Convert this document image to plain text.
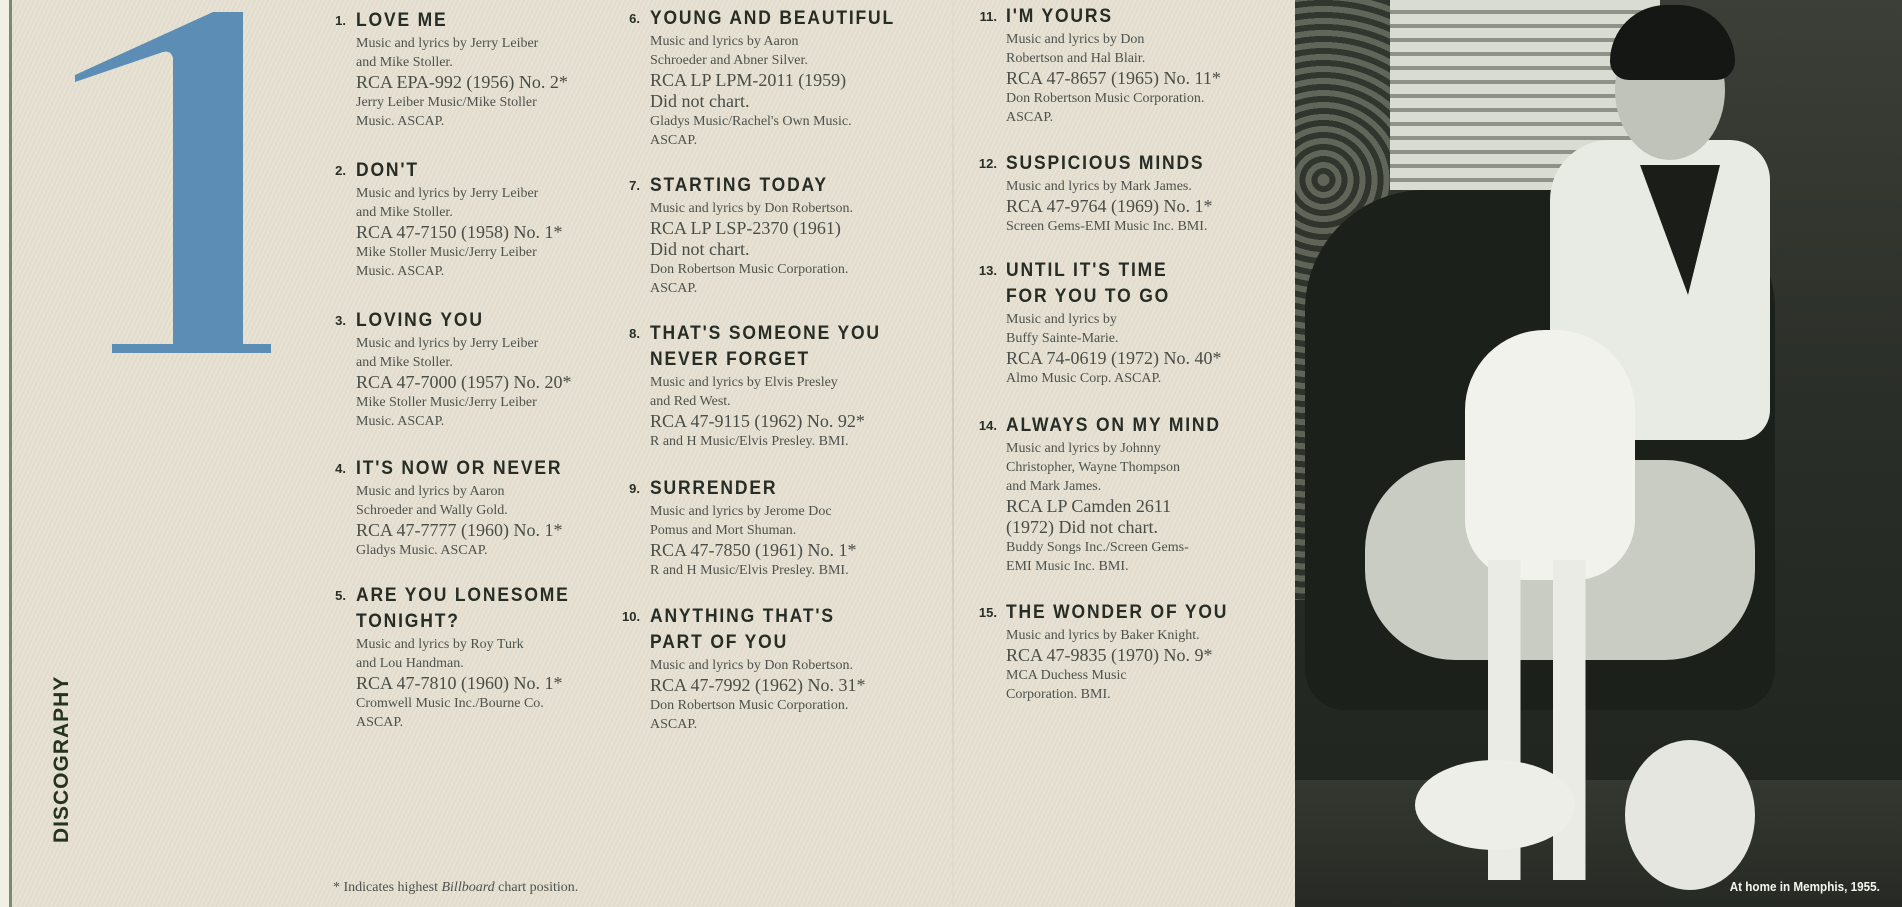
DISCOGRAPHY
1. LOVE ME
Music and lyrics by Jerry Leiber
and Mike Stoller.
RCA EPA-992 (1956) No. 2*
Jerry Leiber Music/Mike Stoller
Music. ASCAP.
2. DON'T
Music and lyrics by Jerry Leiber
and Mike Stoller.
RCA 47-7150 (1958) No. 1*
Mike Stoller Music/Jerry Leiber
Music. ASCAP.
3. LOVING YOU
Music and lyrics by Jerry Leiber
and Mike Stoller.
RCA 47-7000 (1957) No. 20*
Mike Stoller Music/Jerry Leiber
Music. ASCAP.
4. IT'S NOW OR NEVER
Music and lyrics by Aaron
Schroeder and Wally Gold.
RCA 47-7777 (1960) No. 1*
Gladys Music. ASCAP.
5. ARE YOU LONESOME
TONIGHT?
Music and lyrics by Roy Turk
and Lou Handman.
RCA 47-7810 (1960) No. 1*
Cromwell Music Inc./Bourne Co.
ASCAP.
6. YOUNG AND BEAUTIFUL
Music and lyrics by Aaron
Schroeder and Abner Silver.
RCA LP LPM-2011 (1959)
Did not chart.
Gladys Music/Rachel's Own Music.
ASCAP.
7. STARTING TODAY
Music and lyrics by Don Robertson.
RCA LP LSP-2370 (1961)
Did not chart.
Don Robertson Music Corporation.
ASCAP.
8. THAT'S SOMEONE YOU
NEVER FORGET
Music and lyrics by Elvis Presley
and Red West.
RCA 47-9115 (1962) No. 92*
R and H Music/Elvis Presley. BMI.
9. SURRENDER
Music and lyrics by Jerome Doc
Pomus and Mort Shuman.
RCA 47-7850 (1961) No. 1*
R and H Music/Elvis Presley. BMI.
10. ANYTHING THAT'S
PART OF YOU
Music and lyrics by Don Robertson.
RCA 47-7992 (1962) No. 31*
Don Robertson Music Corporation.
ASCAP.
11. I'M YOURS
Music and lyrics by Don
Robertson and Hal Blair.
RCA 47-8657 (1965) No. 11*
Don Robertson Music Corporation.
ASCAP.
12. SUSPICIOUS MINDS
Music and lyrics by Mark James.
RCA 47-9764 (1969) No. 1*
Screen Gems-EMI Music Inc. BMI.
13. UNTIL IT'S TIME
FOR YOU TO GO
Music and lyrics by
Buffy Sainte-Marie.
RCA 74-0619 (1972) No. 40*
Almo Music Corp. ASCAP.
14. ALWAYS ON MY MIND
Music and lyrics by Johnny
Christopher, Wayne Thompson
and Mark James.
RCA LP Camden 2611
(1972) Did not chart.
Buddy Songs Inc./Screen Gems-
EMI Music Inc. BMI.
15. THE WONDER OF YOU
Music and lyrics by Baker Knight.
RCA 47-9835 (1970) No. 9*
MCA Duchess Music
Corporation. BMI.
* Indicates highest Billboard chart position.	At home in Memphis, 1955.
